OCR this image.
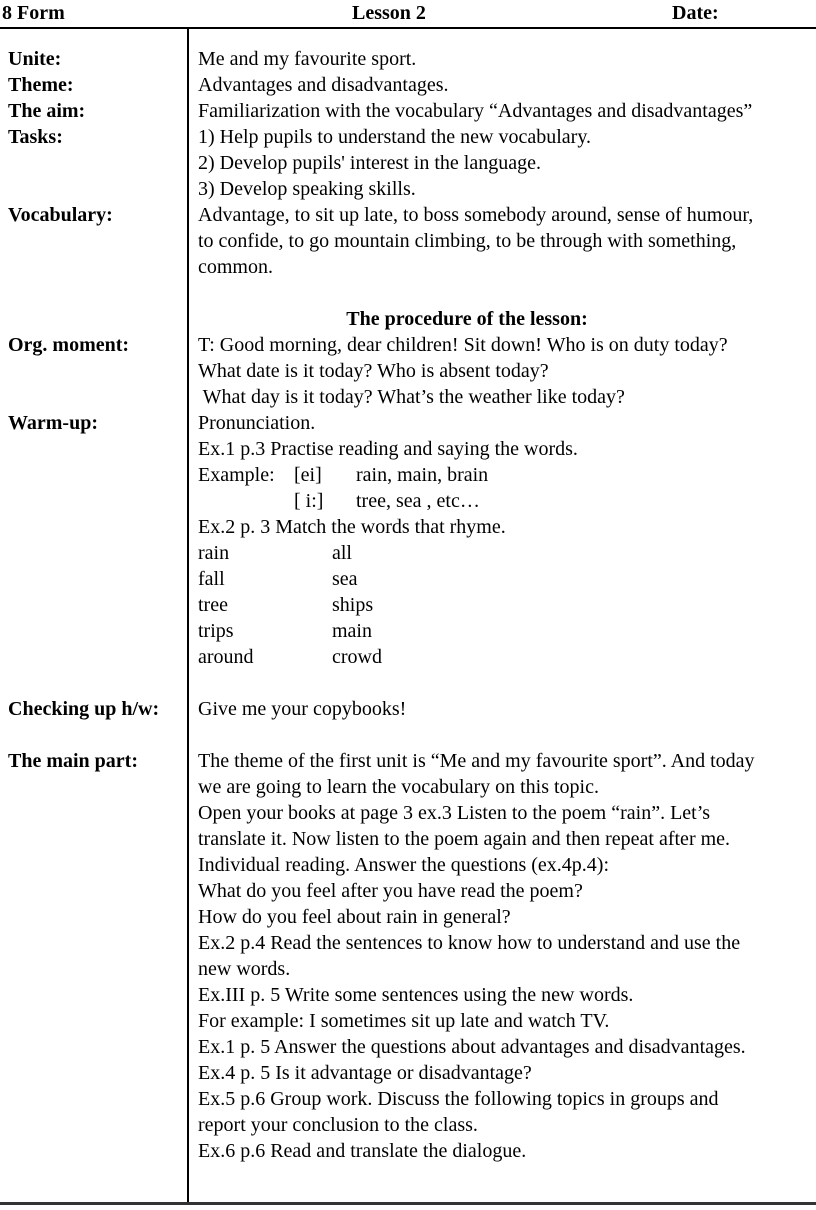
8 Form	Lesson 2	Date:
Unite:	Me and my favourite sport.
Theme:	Advantages and disadvantages.
The aim:	Familiarization with the vocabulary “Advantages and disadvantages”
Tasks:	1) Help pupils to understand the new vocabulary.
2) Develop pupils' interest in the language.
3) Develop speaking skills.
Vocabulary:	Advantage, to sit up late, to boss somebody around, sense of humour,
to confide, to go mountain climbing, to be through with something,
common.
The procedure of the lesson:
Org. moment:	T: Good morning, dear children! Sit down! Who is on duty today?
What date is it today? Who is absent today?
What day is it today? What’s the weather like today?
Warm-up:	Pronunciation.
Ex.1 p.3 Practise reading and saying the words.
Example: [ei] rain, main, brain
[ i:] tree, sea , etc…
Ex.2 p. 3 Match the words that rhyme.
rain	all
fall	sea
tree	ships
trips	main
around	crowd
Checking up h/w:	Give me your copybooks!
The main part:	The theme of the first unit is “Me and my favourite sport”. And today
we are going to learn the vocabulary on this topic.
Open your books at page 3 ex.3 Listen to the poem “rain”. Let’s
translate it. Now listen to the poem again and then repeat after me.
Individual reading. Answer the questions (ex.4p.4):
What do you feel after you have read the poem?
How do you feel about rain in general?
Ex.2 p.4 Read the sentences to know how to understand and use the
new words.
Ex.III p. 5 Write some sentences using the new words.
For example: I sometimes sit up late and watch TV.
Ex.1 p. 5 Answer the questions about advantages and disadvantages.
Ex.4 p. 5 Is it advantage or disadvantage?
Ex.5 p.6 Group work. Discuss the following topics in groups and
report your conclusion to the class.
Ex.6 p.6 Read and translate the dialogue.
